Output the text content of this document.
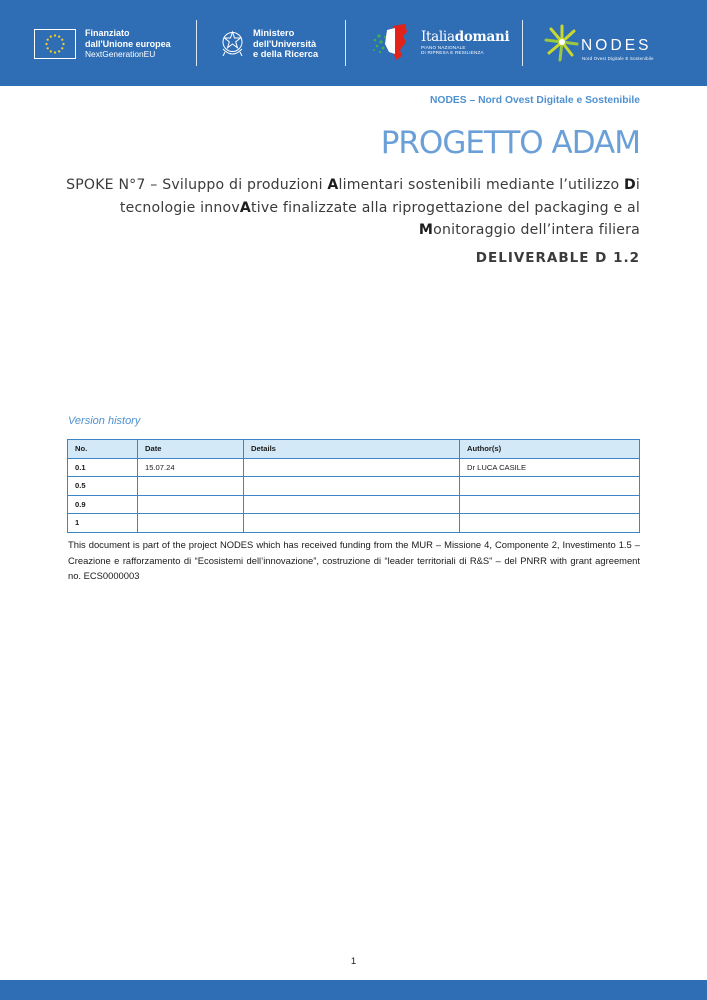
Finanziato
dall'Unione europea
NextGenerationEU
Ministero
dell'Università
e della Ricerca
Italiadomani
PIANO NAZIONALE
DI RIPRESA E RESILIENZA	NODES
Nord Ovest Digitale E Sostenibile
NODES – Nord Ovest Digitale e Sostenibile
PROGETTO ADAM

SPOKE N°7 – Sviluppo di produzioni Alimentari sostenibili mediante l’utilizzo Di tecnologie innovAtive finalizzate alla riprogettazione del packaging e al Monitoraggio dell’intera filiera

DELIVERABLE D 1.2
Version history
No.	Date	Details	Author(s)
0.1	15.07.24		Dr LUCA CASILE
0.5			
0.9			
1			

This document is part of the project NODES which has received funding from the MUR – Missione 4, Componente 2, Investimento 1.5 – Creazione e rafforzamento di “Ecosistemi dell’innovazione”, costruzione di “leader territoriali di R&S” – del PNRR with grant agreement no. ECS0000003

1
